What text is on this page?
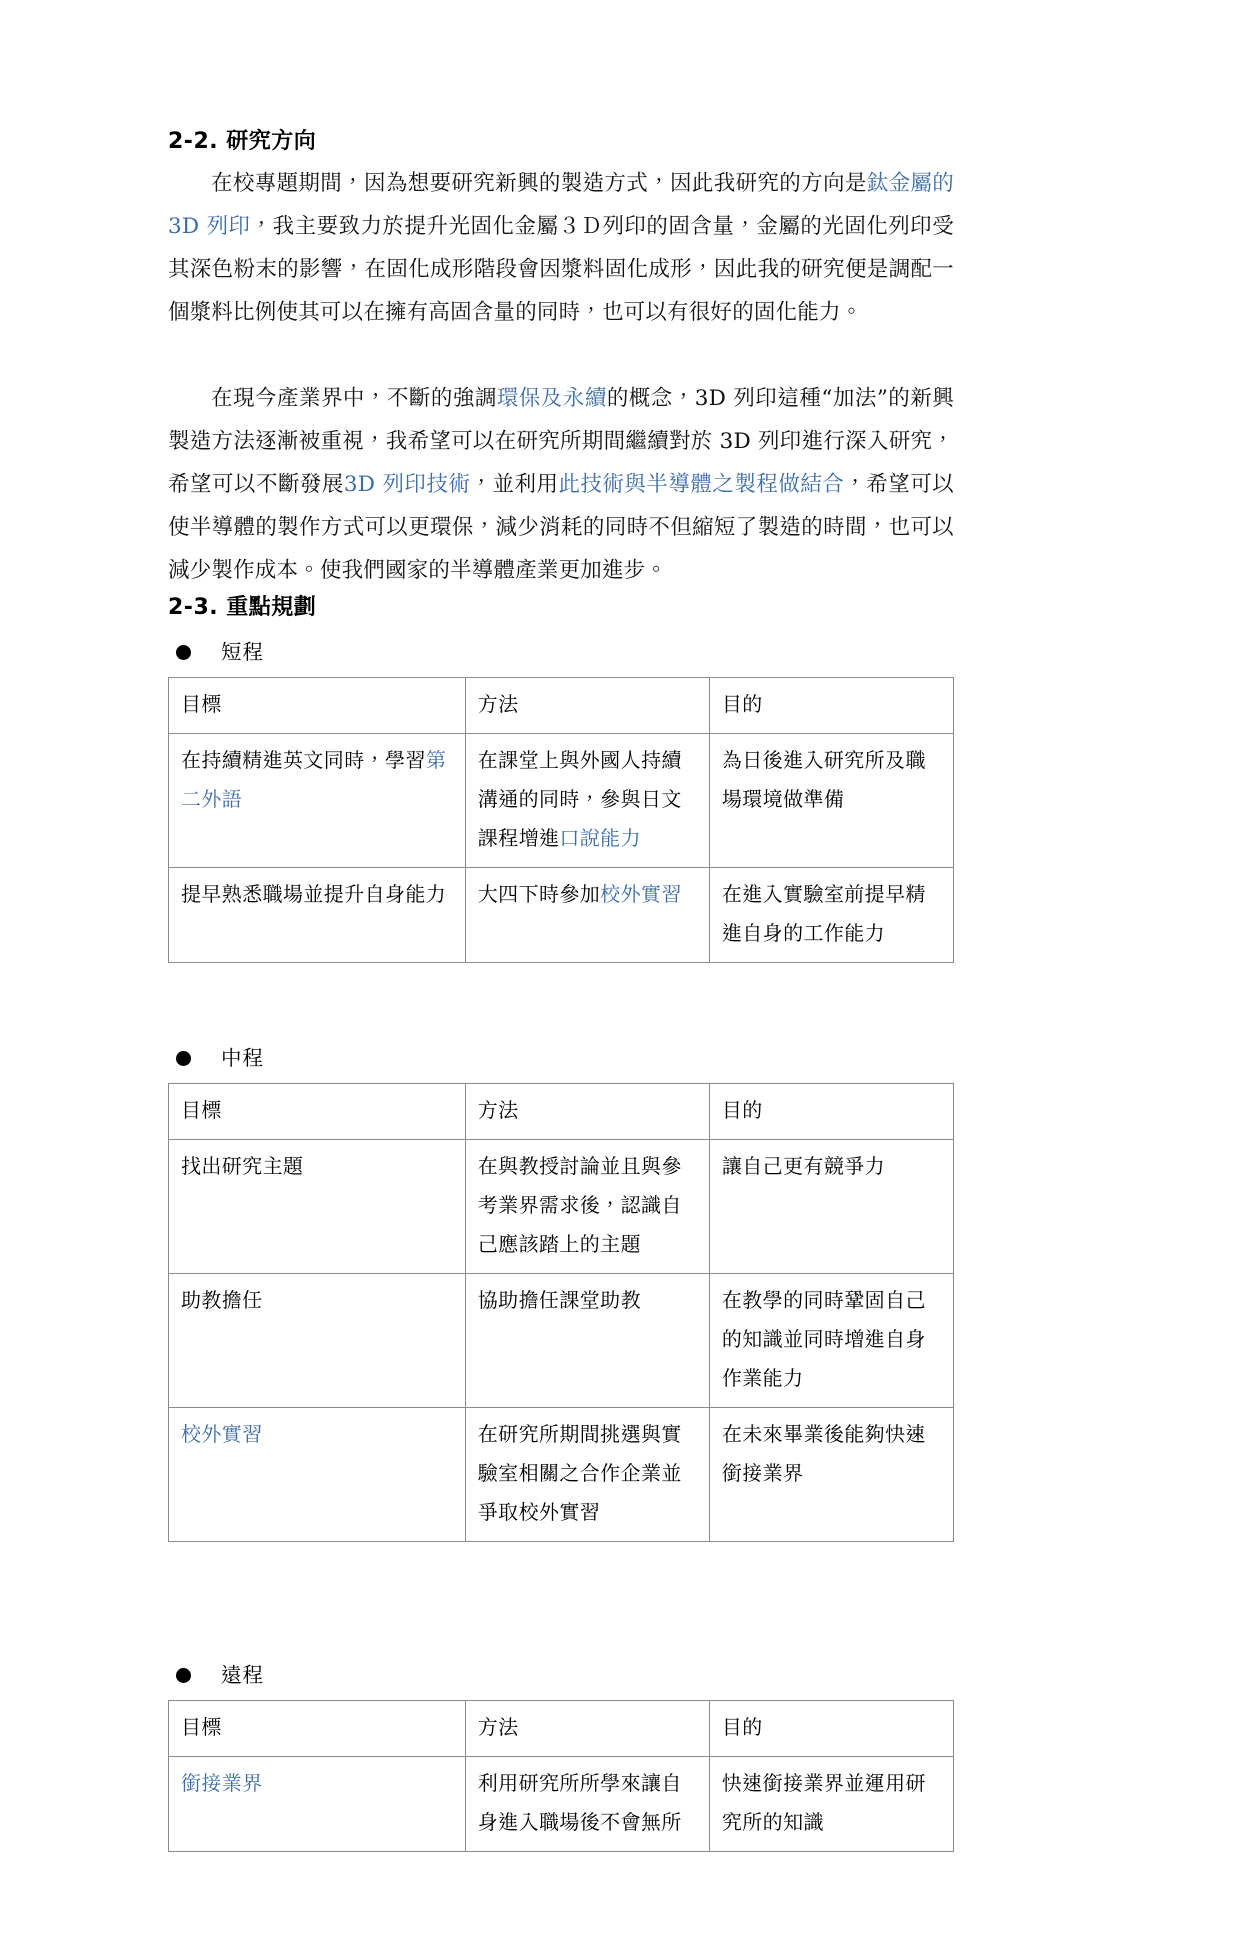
2-2. 研究方向

在校專題期間，因為想要研究新興的製造方式，因此我研究的方向是鈦金屬的 3D 列印，我主要致力於提升光固化金屬３Ｄ列印的固含量，金屬的光固化列印受其深色粉末的影響，在固化成形階段會因漿料固化成形，因此我的研究便是調配一個漿料比例使其可以在擁有高固含量的同時，也可以有很好的固化能力。

在現今產業界中，不斷的強調環保及永續的概念，3D 列印這種“加法”的新興製造方法逐漸被重視，我希望可以在研究所期間繼續對於 3D 列印進行深入研究，希望可以不斷發展3D 列印技術，並利用此技術與半導體之製程做結合，希望可以使半導體的製作方式可以更環保，減少消耗的同時不但縮短了製造的時間，也可以減少製作成本。使我們國家的半導體產業更加進步。

2-3. 重點規劃
短程
目標	方法	目的
在持續精進英文同時，學習第二外語	在課堂上與外國人持續溝通的同時，參與日文課程增進口說能力	為日後進入研究所及職場環境做準備
提早熟悉職場並提升自身能力	大四下時參加校外實習	在進入實驗室前提早精進自身的工作能力
中程
目標	方法	目的
找出研究主題	在與教授討論並且與參考業界需求後，認識自己應該踏上的主題	讓自己更有競爭力
助教擔任	協助擔任課堂助教	在教學的同時鞏固自己的知識並同時增進自身作業能力
校外實習	在研究所期間挑選與實驗室相關之合作企業並爭取校外實習	在未來畢業後能夠快速銜接業界
遠程
目標	方法	目的
銜接業界	利用研究所所學來讓自身進入職場後不會無所	快速銜接業界並運用研究所的知識
